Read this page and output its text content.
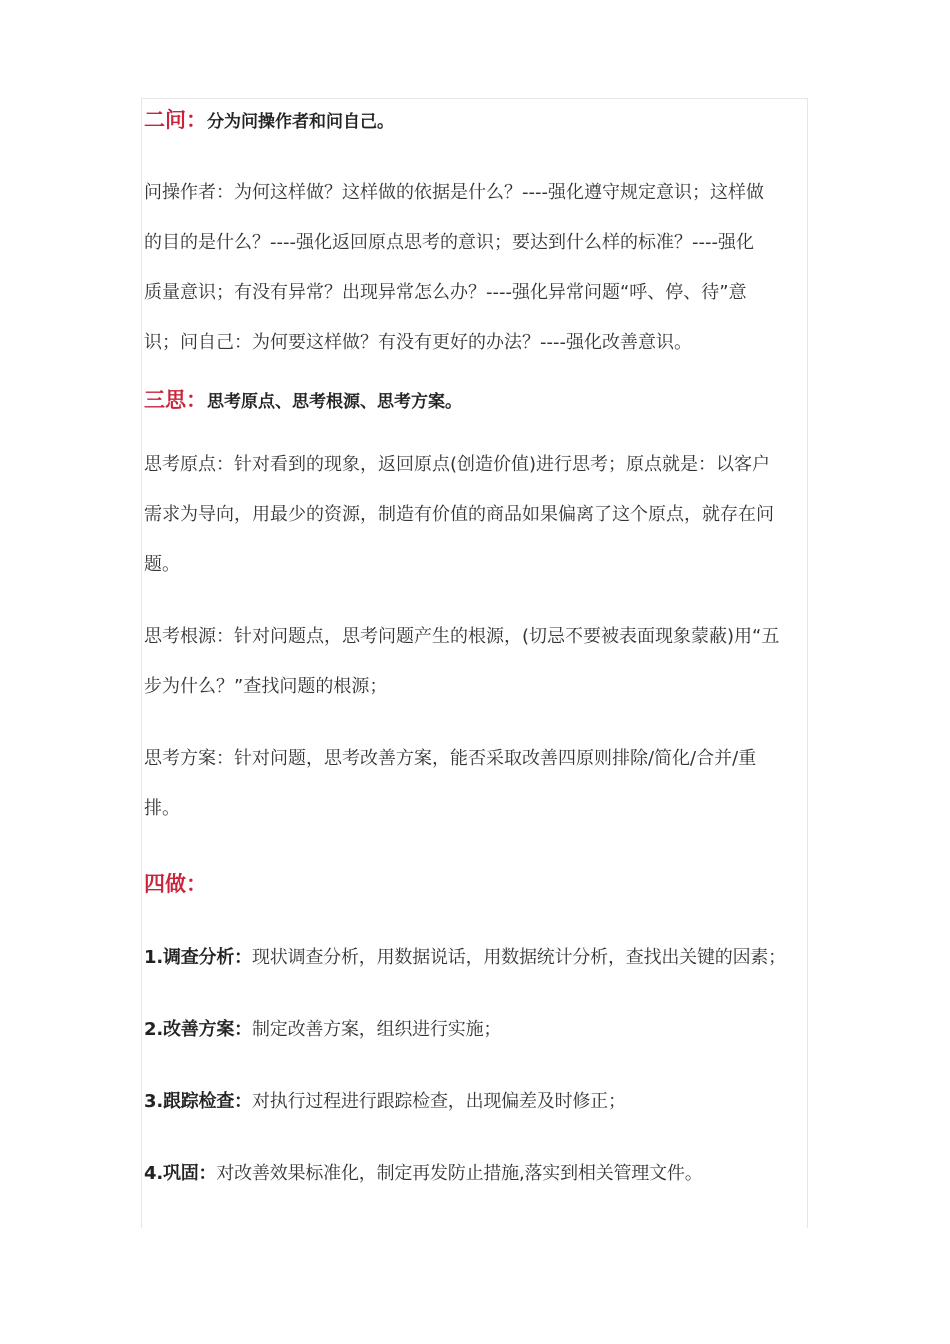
二问：分为问操作者和问自己。
问操作者：为何这样做？这样做的依据是什么？----强化遵守规定意识；这样做
的目的是什么？----强化返回原点思考的意识；要达到什么样的标准？----强化
质量意识；有没有异常？出现异常怎么办？----强化异常问题“呼、停、待”意
识；问自己：为何要这样做？有没有更好的办法？----强化改善意识。
三思：思考原点、思考根源、思考方案。
思考原点：针对看到的现象，返回原点(创造价值)进行思考；原点就是：以客户
需求为导向，用最少的资源，制造有价值的商品如果偏离了这个原点，就存在问
题。
思考根源：针对问题点，思考问题产生的根源，(切忌不要被表面现象蒙蔽)用“五
步为什么？”查找问题的根源；
思考方案：针对问题，思考改善方案，能否采取改善四原则排除/简化/合并/重
排。
四做：
1.调查分析：现状调查分析，用数据说话，用数据统计分析，查找出关键的因素；
2.改善方案：制定改善方案，组织进行实施；
3.跟踪检查：对执行过程进行跟踪检查，出现偏差及时修正；
4.巩固：对改善效果标准化，制定再发防止措施,落实到相关管理文件。
